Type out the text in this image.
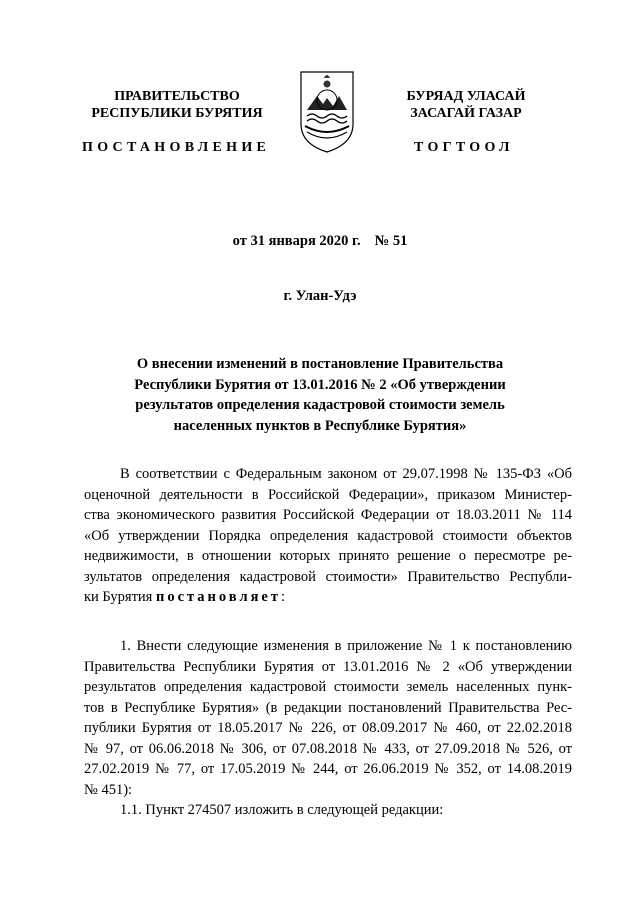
ПРАВИТЕЛЬСТВО
РЕСПУБЛИКИ БУРЯТИЯ
БУРЯАД УЛАСАЙ
ЗАСАГАЙ ГАЗАР
ПОСТАНОВЛЕНИЕ	ТОГТООЛ
от 31 января 2020 г. № 51
г. Улан-Удэ
О внесении изменений в постановление Правительства
Республики Бурятия от 13.01.2016 № 2 «Об утверждении
результатов определения кадастровой стоимости земель
населенных пунктов в Республике Бурятия»
В соответствии с Федеральным законом от 29.07.1998 № 135-ФЗ «Об
оценочной деятельности в Российской Федерации», приказом Министер-
ства экономического развития Российской Федерации от 18.03.2011 № 114
«Об утверждении Порядка определения кадастровой стоимости объектов
недвижимости, в отношении которых принято решение о пересмотре ре-
зультатов определения кадастровой стоимости» Правительство Республи-
ки Бурятия постановляет:
1. Внести следующие изменения в приложение № 1 к постановлению
Правительства Республики Бурятия от 13.01.2016 № 2 «Об утверждении
результатов определения кадастровой стоимости земель населенных пунк-
тов в Республике Бурятия» (в редакции постановлений Правительства Рес-
публики Бурятия от 18.05.2017 № 226, от 08.09.2017 № 460, от 22.02.2018
№ 97, от 06.06.2018 № 306, от 07.08.2018 № 433, от 27.09.2018 № 526, от
27.02.2019 № 77, от 17.05.2019 № 244, от 26.06.2019 № 352, от 14.08.2019
№ 451):
1.1. Пункт 274507 изложить в следующей редакции:
